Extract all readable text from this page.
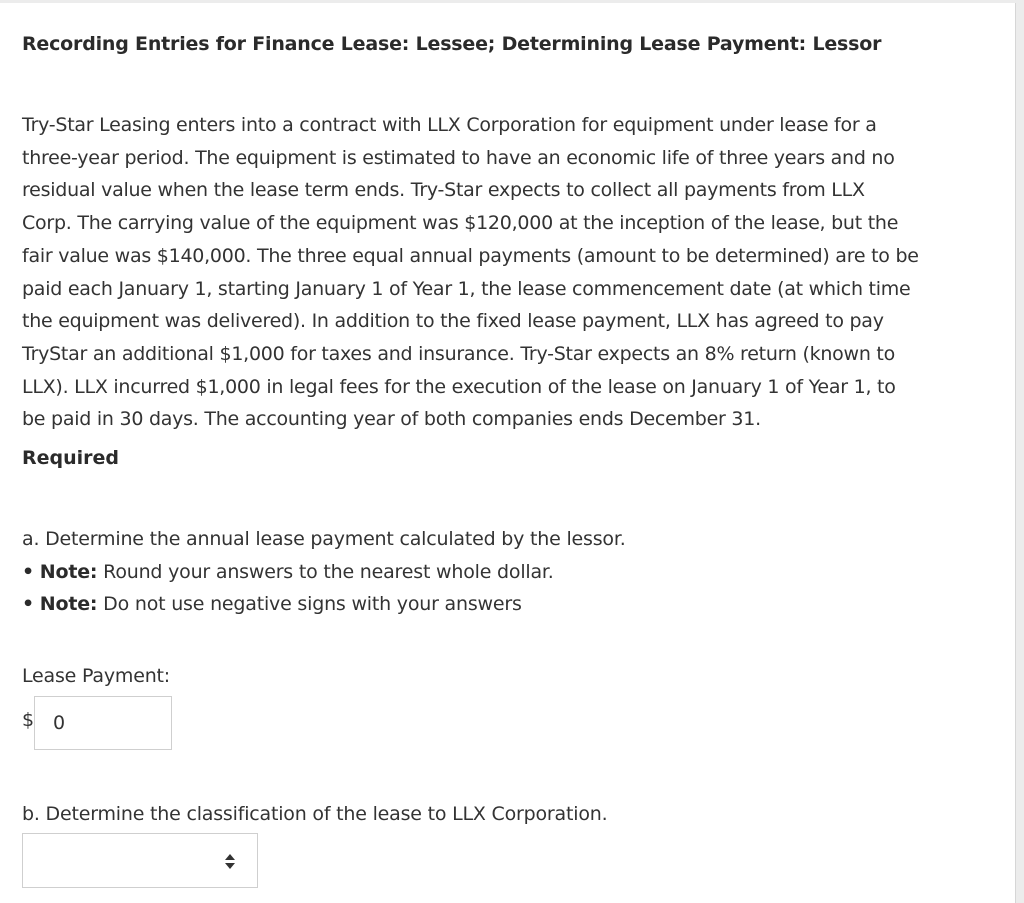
Recording Entries for Finance Lease: Lessee; Determining Lease Payment: Lessor
Try-Star Leasing enters into a contract with LLX Corporation for equipment under lease for a
three-year period. The equipment is estimated to have an economic life of three years and no
residual value when the lease term ends. Try-Star expects to collect all payments from LLX
Corp. The carrying value of the equipment was $120,000 at the inception of the lease, but the
fair value was $140,000. The three equal annual payments (amount to be determined) are to be
paid each January 1, starting January 1 of Year 1, the lease commencement date (at which time
the equipment was delivered). In addition to the fixed lease payment, LLX has agreed to pay
TryStar an additional $1,000 for taxes and insurance. Try-Star expects an 8% return (known to
LLX). LLX incurred $1,000 in legal fees for the execution of the lease on January 1 of Year 1, to
be paid in 30 days. The accounting year of both companies ends December 31.
Required
a. Determine the annual lease payment calculated by the lessor.
• Note: Round your answers to the nearest whole dollar.
• Note: Do not use negative signs with your answers
Lease Payment:
$
0
b. Determine the classification of the lease to LLX Corporation.
